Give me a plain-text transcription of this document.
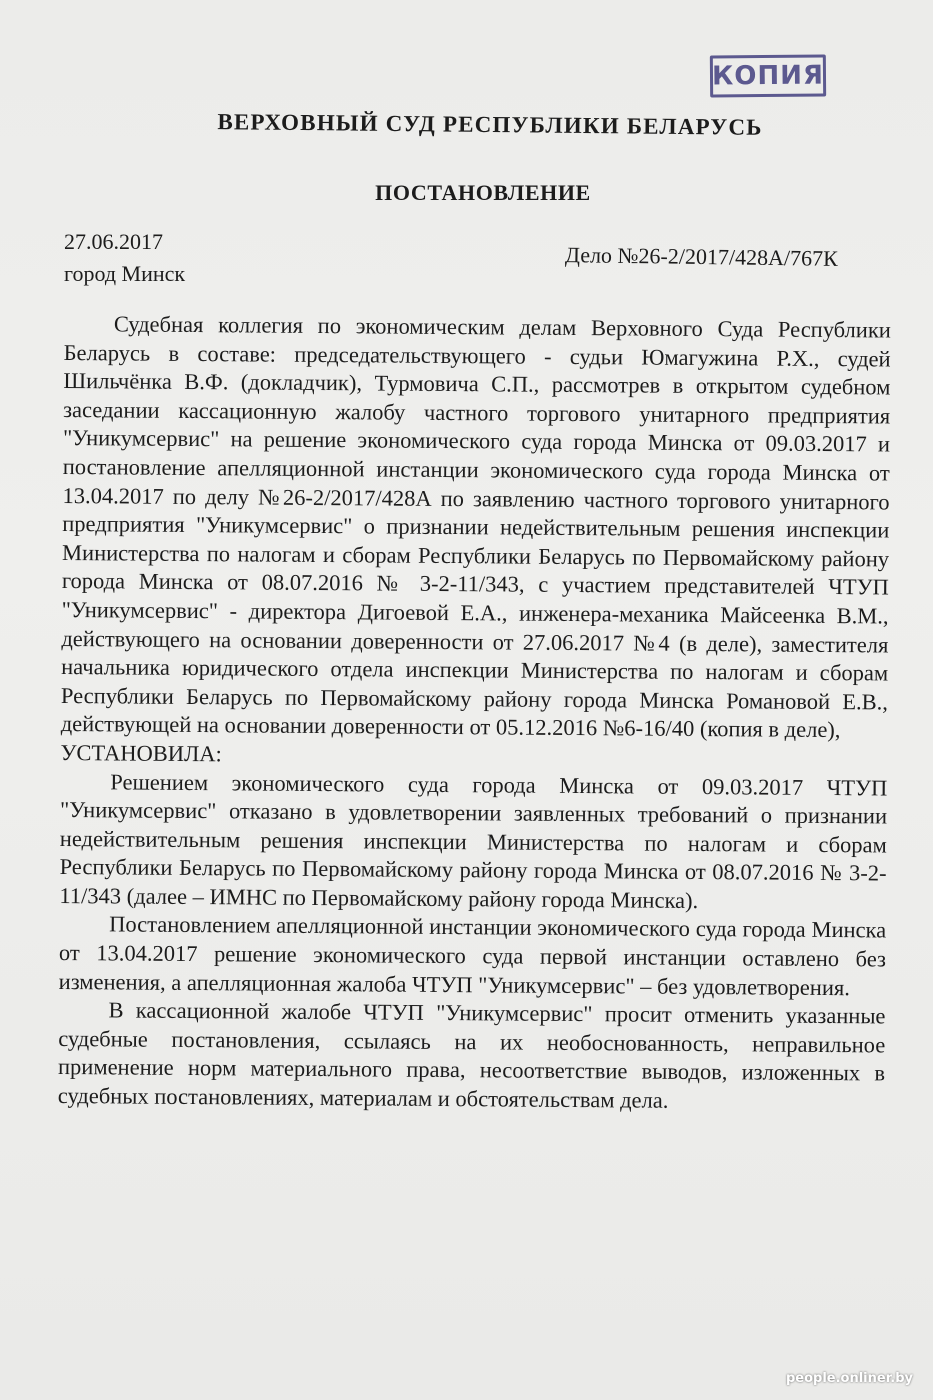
КОПИЯ
ВЕРХОВНЫЙ СУД РЕСПУБЛИКИ БЕЛАРУСЬ
ПОСТАНОВЛЕНИЕ
27.06.2017
город Минск
Дело №26-2/2017/428А/767К

Судебная коллегия по экономическим делам Верховного Суда Республики Беларусь в составе: председательствующего - судьи Юмагужина Р.Х., судей Шильчёнка В.Ф. (докладчик), Турмовича С.П., рассмотрев в открытом судебном заседании кассационную жалобу частного торгового унитарного предприятия "Уникумсервис" на решение экономического суда города Минска от 09.03.2017 и постановление апелляционной инстанции экономического суда города Минска от 13.04.2017 по делу №26-2/2017/428А по заявлению частного торгового унитарного предприятия "Уникумсервис" о признании недействительным решения инспекции Министерства по налогам и сборам Республики Беларусь по Первомайскому району города Минска от 08.07.2016 № 3-2-11/343, с участием представителей ЧТУП "Уникумсервис" - директора Дигоевой Е.А., инженера-механика Майсеенка В.М., действующего на основании доверенности от 27.06.2017 №4 (в деле), заместителя начальника юридического отдела инспекции Министерства по налогам и сборам Республики Беларусь по Первомайскому району города Минска Романовой Е.В., действующей на основании доверенности от 05.12.2016 №6-16/40 (копия в деле),

УСТАНОВИЛА:

Решением экономического суда города Минска от 09.03.2017 ЧТУП "Уникумсервис" отказано в удовлетворении заявленных требований о признании недействительным решения инспекции Министерства по налогам и сборам Республики Беларусь по Первомайскому району города Минска от 08.07.2016 № 3-2-11/343 (далее – ИМНС по Первомайскому району города Минска).

Постановлением апелляционной инстанции экономического суда города Минска от 13.04.2017 решение экономического суда первой инстанции оставлено без изменения, а апелляционная жалоба ЧТУП "Уникумсервис" – без удовлетворения.

В кассационной жалобе ЧТУП "Уникумсервис" просит отменить указанные судебные постановления, ссылаясь на их необоснованность, неправильное применение норм материального права, несоответствие выводов, изложенных в судебных постановлениях, материалам и обстоятельствам дела.

people.onliner.by
